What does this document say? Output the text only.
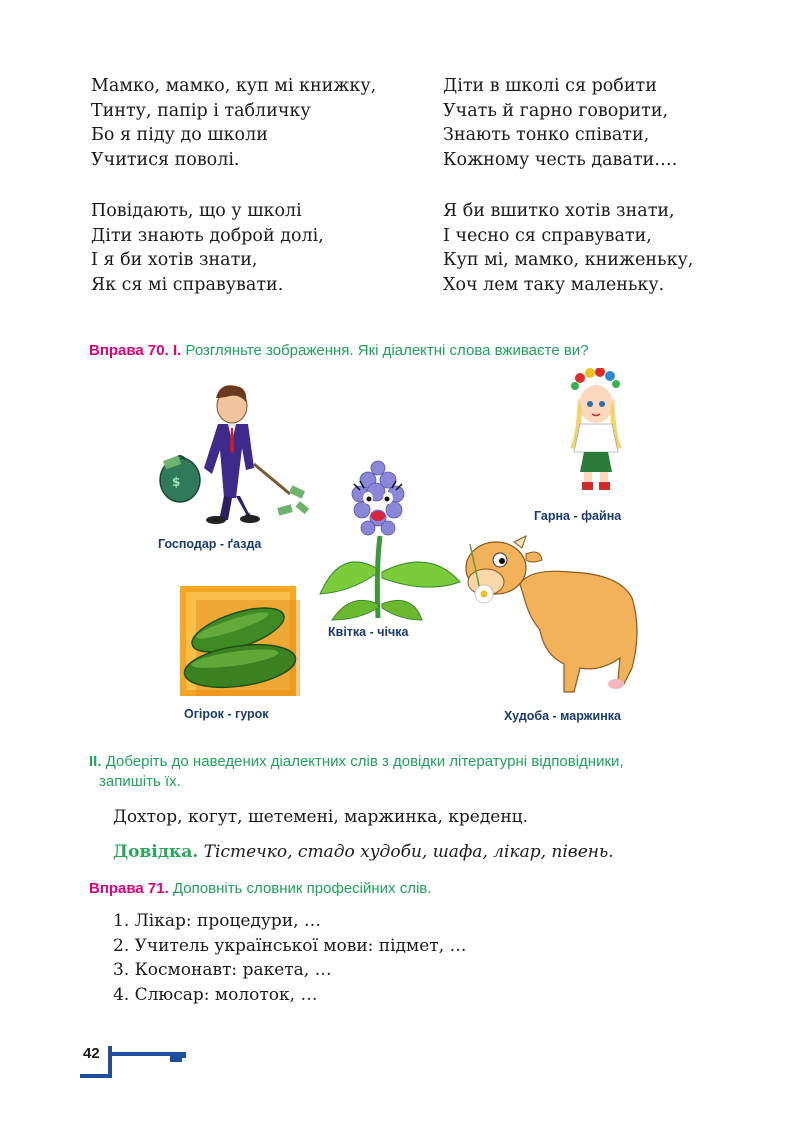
Мамко, мамко, куп мі книжку,
Тинту, папір і табличку
Бо я піду до школи
Учитися поволі.
Діти в школі ся робити
Учать й гарно говорити,
Знають тонко співати,
Кожному честь давати….
Повідають, що у школі
Діти знають доброй долі,
І я би хотів знати,
Як ся мі справувати.
Я би вшитко хотів знати,
І чесно ся справувати,
Куп мі, мамко, книженьку,
Хоч лем таку маленьку.
Вправа 70. І. Розгляньте зображення. Які діалектні слова вживаєте ви?
$
Господар - ґазда
Гарна - файна
Квітка - чічка
Огірок - гурок	Худоба - маржинка
ІІ. Доберіть до наведених діалектних слів з довідки літературні відповідники,
запишіть їх.
Дохтор, когут, шетемені, маржинка, креденц.
Довідка. Тістечко, стадо худоби, шафа, лікар, півень.
Вправа 71. Доповніть словник професійних слів.
1. Лікар: процедури, …
2. Учитель української мови: підмет, …
3. Космонавт: ракета, …
4. Слюсар: молоток, …
42
